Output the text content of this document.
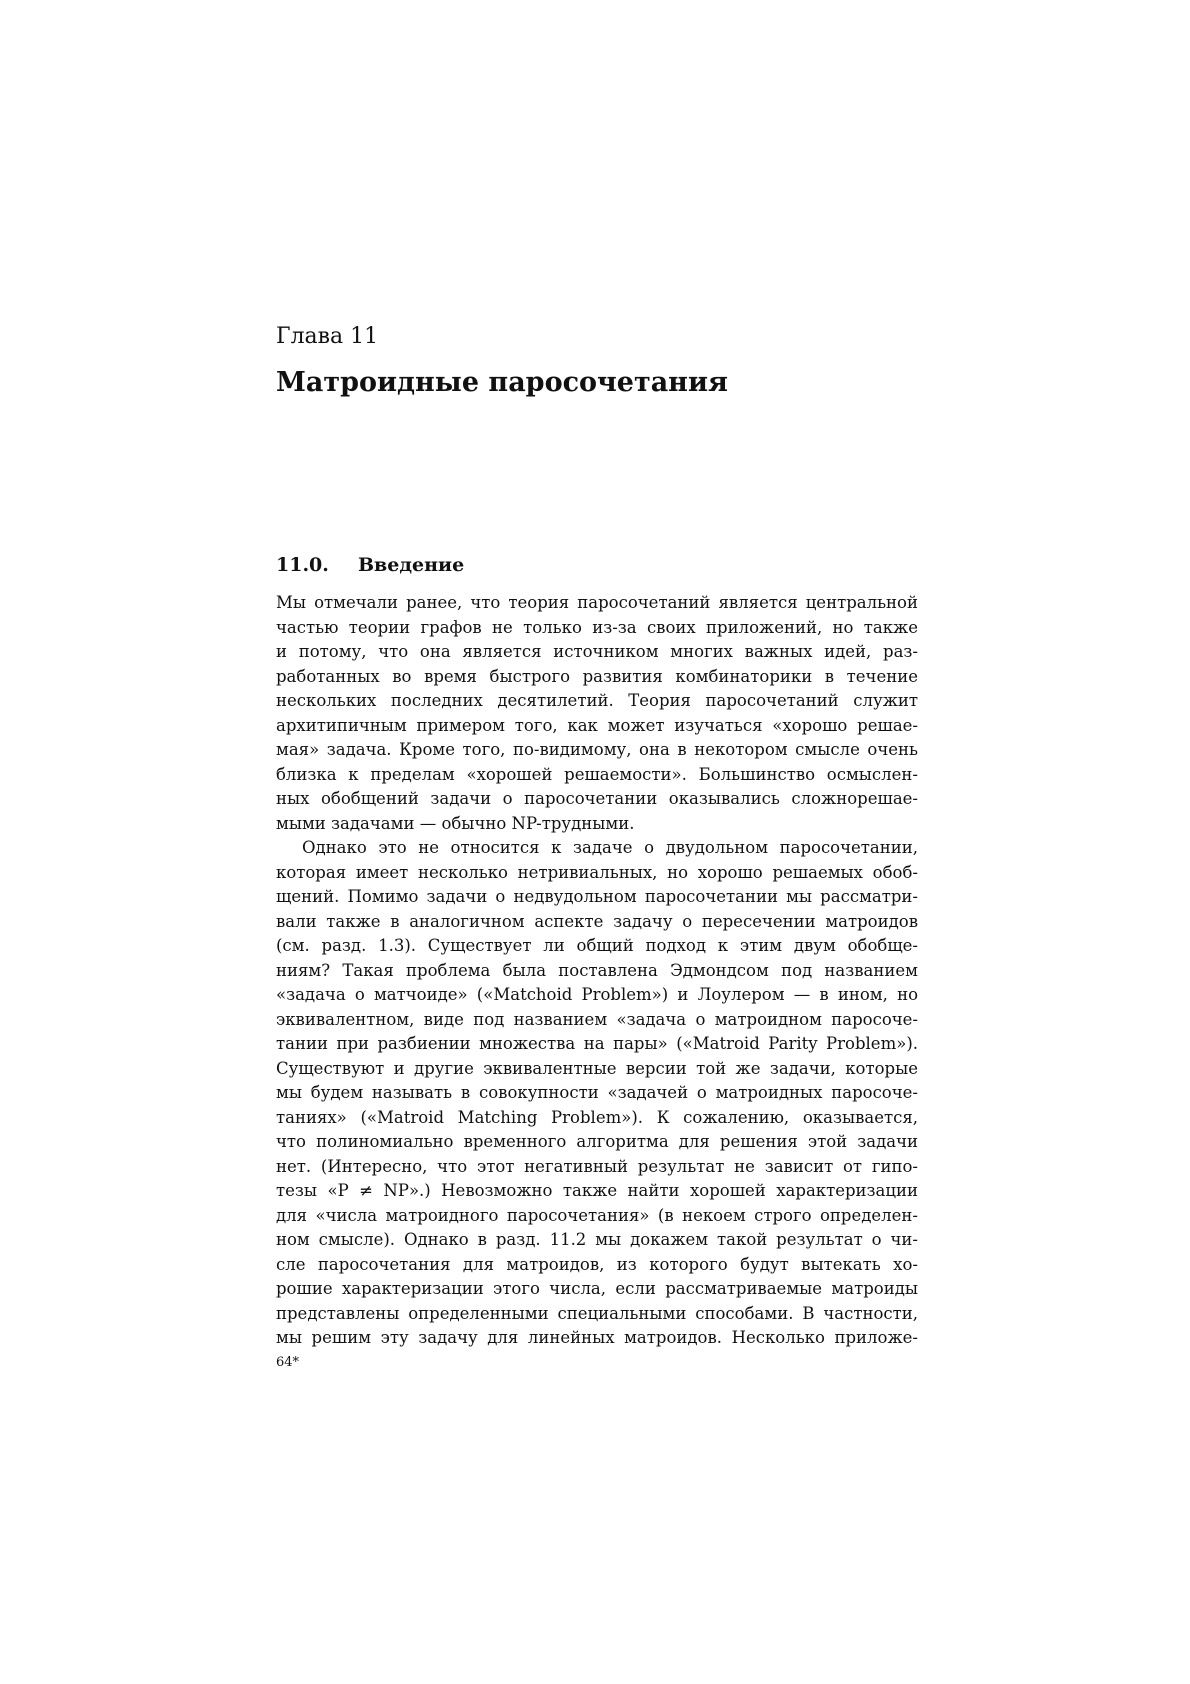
Глава 11
Матроидные паросочетания
11.0. Введение
Мы отмечали ранее, что теория паросочетаний является центральной
частью теории графов не только из-за своих приложений, но также
и потому, что она является источником многих важных идей, раз-
работанных во время быстрого развития комбинаторики в течение
нескольких последних десятилетий. Теория паросочетаний служит
архитипичным примером того, как может изучаться «хорошо решае-
мая» задача. Кроме того, по-видимому, она в некотором смысле очень
близка к пределам «хорошей решаемости». Большинство осмыслен-
ных обобщений задачи о паросочетании оказывались сложнорешае-
мыми задачами — обычно NP-трудными.
Однако это не относится к задаче о двудольном паросочетании,
которая имеет несколько нетривиальных, но хорошо решаемых обоб-
щений. Помимо задачи о недвудольном паросочетании мы рассматри-
вали также в аналогичном аспекте задачу о пересечении матроидов
(см. разд. 1.3). Существует ли общий подход к этим двум обобще-
ниям? Такая проблема была поставлена Эдмондсом под названием
«задача о матчоиде» («Matchoid Problem») и Лоулером — в ином, но
эквивалентном, виде под названием «задача о матроидном паросоче-
тании при разбиении множества на пары» («Matroid Parity Problem»).
Существуют и другие эквивалентные версии той же задачи, которые
мы будем называть в совокупности «задачей о матроидных паросоче-
таниях» («Matroid Matching Problem»). К сожалению, оказывается,
что полиномиально временного алгоритма для решения этой задачи
нет. (Интересно, что этот негативный результат не зависит от гипо-
тезы «P ≠ NP».) Невозможно также найти хорошей характеризации
для «числа матроидного паросочетания» (в некоем строго определен-
ном смысле). Однако в разд. 11.2 мы докажем такой результат о чи-
сле паросочетания для матроидов, из которого будут вытекать хо-
рошие характеризации этого числа, если рассматриваемые матроиды
представлены определенными специальными способами. В частности,
мы решим эту задачу для линейных матроидов. Несколько приложе-
64*
